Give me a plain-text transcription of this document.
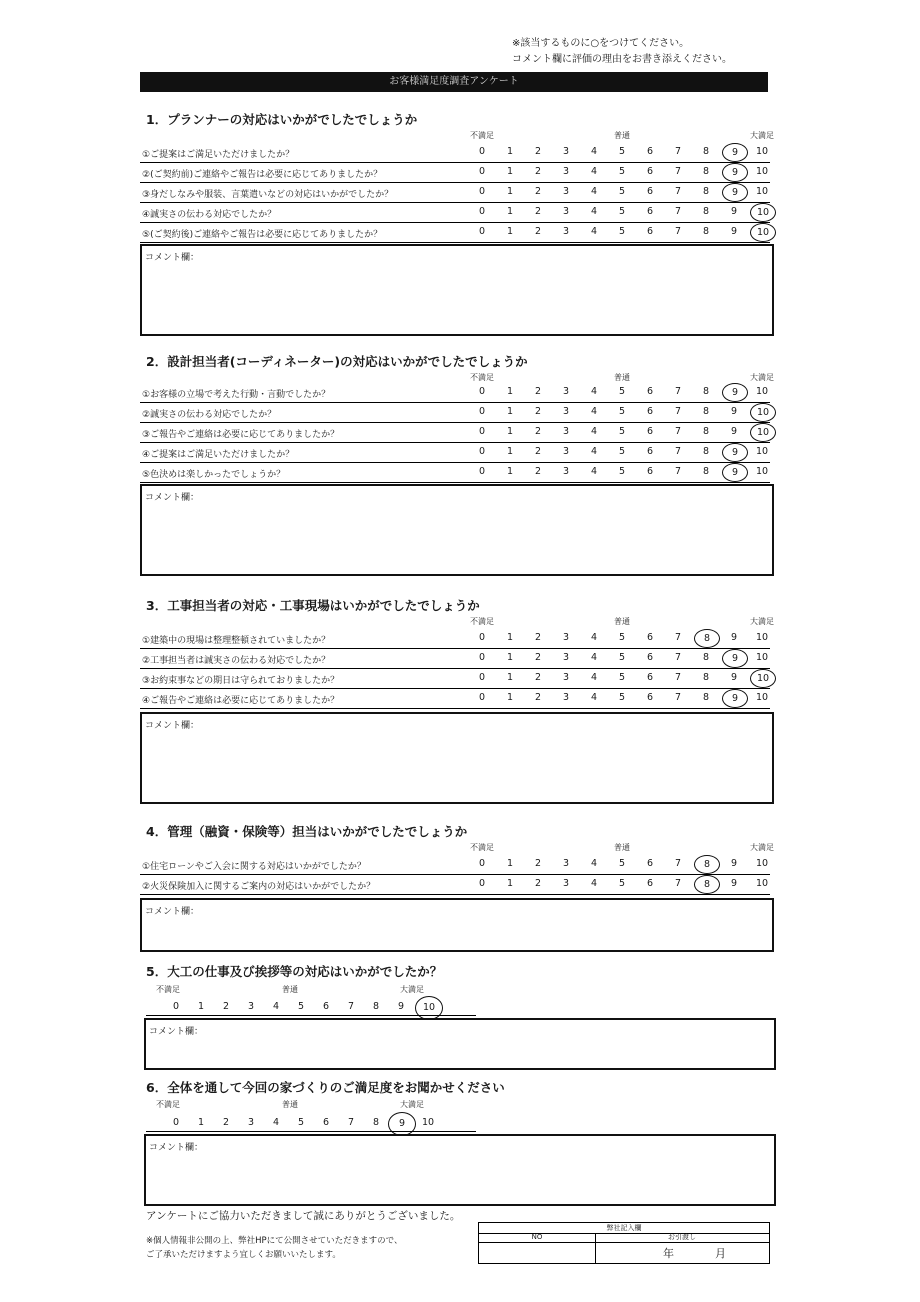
※該当するものに○をつけてください。
コメント欄に評価の理由をお書き添えください。
お客様満足度調査アンケート
1．プランナーの対応はいかがでしたでしょうか
不満足	普通	大満足
①ご提案はご満足いただけましたか？	0	1	2	3	4	5	6	7	8	9	10
②(ご契約前)ご連絡やご報告は必要に応じてありましたか？	0	1	2	3	4	5	6	7	8	9	10
③身だしなみや服装、言葉遣いなどの対応はいかがでしたか？	0	1	2	3	4	5	6	7	8	9	10
④誠実さの伝わる対応でしたか？	0	1	2	3	4	5	6	7	8	9	10
⑤(ご契約後)ご連絡やご報告は必要に応じてありましたか？	0	1	2	3	4	5	6	7	8	9	10
コメント欄：
2．設計担当者(コーディネーター)の対応はいかがでしたでしょうか
不満足	普通	大満足
①お客様の立場で考えた行動・言動でしたか？	0	1	2	3	4	5	6	7	8	9	10
②誠実さの伝わる対応でしたか？	0	1	2	3	4	5	6	7	8	9	10
③ご報告やご連絡は必要に応じてありましたか？	0	1	2	3	4	5	6	7	8	9	10
④ご提案はご満足いただけましたか？	0	1	2	3	4	5	6	7	8	9	10
⑤色決めは楽しかったでしょうか？	0	1	2	3	4	5	6	7	8	9	10
コメント欄：
3．工事担当者の対応・工事現場はいかがでしたでしょうか
不満足	普通	大満足
①建築中の現場は整理整頓されていましたか？	0	1	2	3	4	5	6	7	8	9	10
②工事担当者は誠実さの伝わる対応でしたか？	0	1	2	3	4	5	6	7	8	9	10
③お約束事などの期日は守られておりましたか？	0	1	2	3	4	5	6	7	8	9	10
④ご報告やご連絡は必要に応じてありましたか？	0	1	2	3	4	5	6	7	8	9	10
コメント欄：
4．管理（融資・保険等）担当はいかがでしたでしょうか
不満足	普通	大満足
①住宅ローンやご入会に関する対応はいかがでしたか？	0	1	2	3	4	5	6	7	8	9	10
②火災保険加入に関するご案内の対応はいかがでしたか？	0	1	2	3	4	5	6	7	8	9	10
コメント欄：
5．大工の仕事及び挨拶等の対応はいかがでしたか？
不満足	普通	大満足
0	1	2	3	4	5	6	7	8	9	10
コメント欄：
6．全体を通して今回の家づくりのご満足度をお聞かせください
不満足	普通	大満足
0	1	2	3	4	5	6	7	8	9	10
コメント欄：
アンケートにご協力いただきまして誠にありがとうございました。
※個人情報非公開の上、弊社HPにて公開させていただきますので、
ご了承いただけますよう宜しくお願いいたします。
弊社記入欄
NO	お引渡し
年	月
